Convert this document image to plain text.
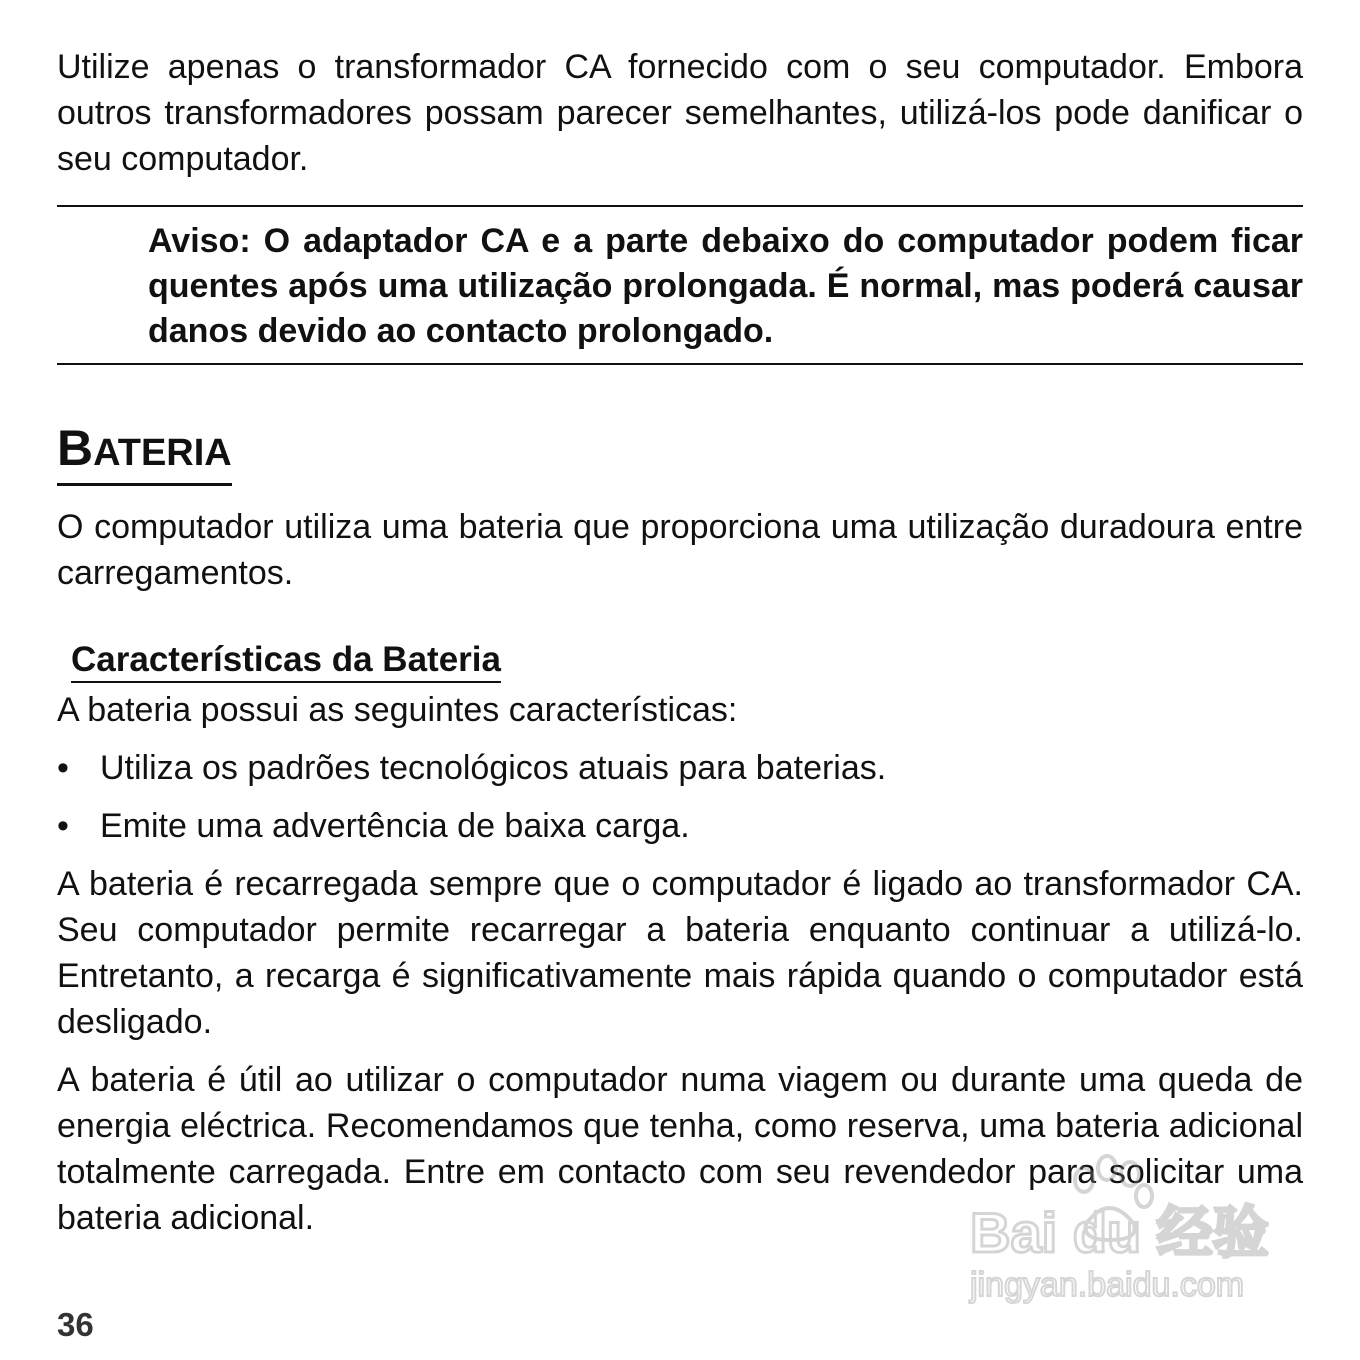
Utilize apenas o transformador CA fornecido com o seu computador. Embora outros transformadores possam parecer semelhantes, utilizá-los pode danificar o seu computador.

Aviso: O adaptador CA e a parte debaixo do computador podem ficar quentes após uma utilização prolongada. É normal, mas poderá causar danos devido ao contacto prolongado.

BATERIA

O computador utiliza uma bateria que proporciona uma utilização duradoura entre carregamentos.

Características da Bateria

A bateria possui as seguintes características:

• Utiliza os padrões tecnológicos atuais para baterias.
• Emite uma advertência de baixa carga.

A bateria é recarregada sempre que o computador é ligado ao transformador CA. Seu computador permite recarregar a bateria enquanto continuar a utilizá-lo. Entretanto, a recarga é significativamente mais rápida quando o computador está desligado.

A bateria é útil ao utilizar o computador numa viagem ou durante uma queda de energia eléctrica. Recomendamos que tenha, como reserva, uma bateria adicional totalmente carregada. Entre em contacto com seu revendedor para solicitar uma bateria adicional.

36
Bai du 经验
jingyan.baidu.com
